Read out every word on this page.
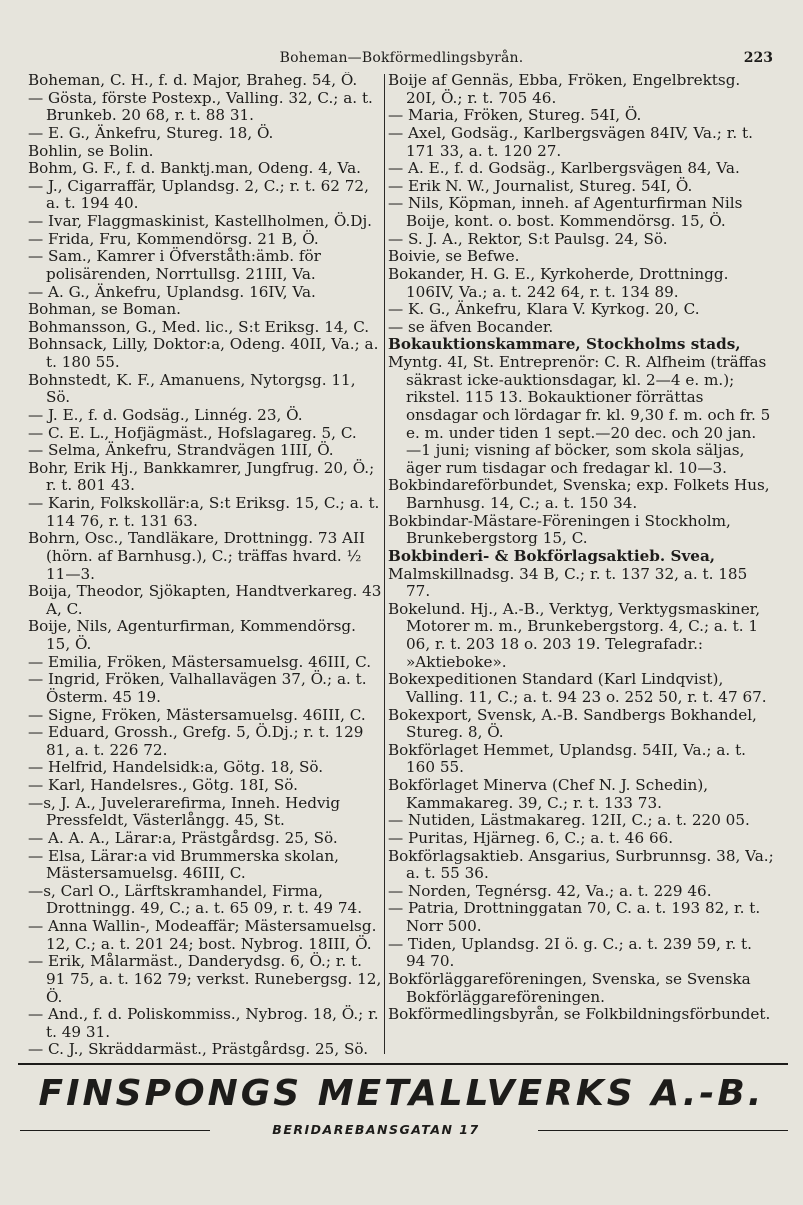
Boheman—Bokförmedlingsbyrån.	223

Boheman, C. H., f. d. Major, Braheg. 54, Ö.

— Gösta, förste Postexp., Valling. 32, C.; a. t. Brunkeb. 20 68, r. t. 88 31.

— E. G., Änkefru, Stureg. 18, Ö.

Bohlin, se Bolin.

Bohm, G. F., f. d. Banktj.man, Odeng. 4, Va.

— J., Cigarraffär, Uplandsg. 2, C.; r. t. 62 72, a. t. 194 40.

— Ivar, Flaggmaskinist, Kastellholmen, Ö.Dj.

— Frida, Fru, Kommendörsg. 21 B, Ö.

— Sam., Kamrer i Öfverståth:ämb. för polisärenden, Norrtullsg. 21III, Va.

— A. G., Änkefru, Uplandsg. 16IV, Va.

Bohman, se Boman.

Bohmansson, G., Med. lic., S:t Eriksg. 14, C.

Bohnsack, Lilly, Doktor:a, Odeng. 40II, Va.; a. t. 180 55.

Bohnstedt, K. F., Amanuens, Nytorgsg. 11, Sö.

— J. E., f. d. Godsäg., Linnég. 23, Ö.

— C. E. L., Hofjägmäst., Hofslagareg. 5, C.

— Selma, Änkefru, Strandvägen 1III, Ö.

Bohr, Erik Hj., Bankkamrer, Jungfrug. 20, Ö.; r. t. 801 43.

— Karin, Folkskollär:a, S:t Eriksg. 15, C.; a. t. 114 76, r. t. 131 63.

Bohrn, Osc., Tandläkare, Drottningg. 73 AII (hörn. af Barnhusg.), C.; träffas hvard. ½ 11—3.

Boija, Theodor, Sjökapten, Handtverkareg. 43 A, C.

Boije, Nils, Agenturfirman, Kommendörsg. 15, Ö.

— Emilia, Fröken, Mästersamuelsg. 46III, C.

— Ingrid, Fröken, Valhallavägen 37, Ö.; a. t. Österm. 45 19.

— Signe, Fröken, Mästersamuelsg. 46III, C.

— Eduard, Grossh., Grefg. 5, Ö.Dj.; r. t. 129 81, a. t. 226 72.

— Helfrid, Handelsidk:a, Götg. 18, Sö.

— Karl, Handelsres., Götg. 18I, Sö.

—s, J. A., Juvelerarefirma, Inneh. Hedvig Pressfeldt, Västerlångg. 45, St.

— A. A. A., Lärar:a, Prästgårdsg. 25, Sö.

— Elsa, Lärar:a vid Brummerska skolan, Mästersamuelsg. 46III, C.

—s, Carl O., Lärftskramhandel, Firma, Drottningg. 49, C.; a. t. 65 09, r. t. 49 74.

— Anna Wallin-, Modeaffär; Mästersamuelsg. 12, C.; a. t. 201 24; bost. Nybrog. 18III, Ö.

— Erik, Målarmäst., Danderydsg. 6, Ö.; r. t. 91 75, a. t. 162 79; verkst. Runebergsg. 12, Ö.

— And., f. d. Poliskommiss., Nybrog. 18, Ö.; r. t. 49 31.

— C. J., Skräddarmäst., Prästgårdsg. 25, Sö.

Boije af Gennäs, Ebba, Fröken, Engelbrektsg. 20I, Ö.; r. t. 705 46.

— Maria, Fröken, Stureg. 54I, Ö.

— Axel, Godsäg., Karlbergsvägen 84IV, Va.; r. t. 171 33, a. t. 120 27.

— A. E., f. d. Godsäg., Karlbergsvägen 84, Va.

— Erik N. W., Journalist, Stureg. 54I, Ö.

— Nils, Köpman, inneh. af Agenturfirman Nils Boije, kont. o. bost. Kommendörsg. 15, Ö.

— S. J. A., Rektor, S:t Paulsg. 24, Sö.

Boivie, se Befwe.

Bokander, H. G. E., Kyrkoherde, Drottningg. 106IV, Va.; a. t. 242 64, r. t. 134 89.

— K. G., Änkefru, Klara V. Kyrkog. 20, C.

— se äfven Bocander.

Bokauktionskammare, Stockholms stads,

Myntg. 4I, St. Entreprenör: C. R. Alfheim (träffas säkrast icke-auktionsdagar, kl. 2—4 e. m.); rikstel. 115 13. Bokauktioner förrättas onsdagar och lördagar fr. kl. 9,30 f. m. och fr. 5 e. m. under tiden 1 sept.—20 dec. och 20 jan. —1 juni; visning af böcker, som skola säljas, äger rum tisdagar och fredagar kl. 10—3.

Bokbindareförbundet, Svenska; exp. Folkets Hus, Barnhusg. 14, C.; a. t. 150 34.

Bokbindar-Mästare-Föreningen i Stockholm, Brunkebergstorg 15, C.

Bokbinderi- & Bokförlagsaktieb. Svea,

Malmskillnadsg. 34 B, C.; r. t. 137 32, a. t. 185 77.

Bokelund. Hj., A.-B., Verktyg, Verktygsmaskiner, Motorer m. m., Brunkebergstorg. 4, C.; a. t. 1 06, r. t. 203 18 o. 203 19. Telegrafadr.: »Aktieboke».

Bokexpeditionen Standard (Karl Lindqvist), Valling. 11, C.; a. t. 94 23 o. 252 50, r. t. 47 67.

Bokexport, Svensk, A.-B. Sandbergs Bokhandel, Stureg. 8, Ö.

Bokförlaget Hemmet, Uplandsg. 54II, Va.; a. t. 160 55.

Bokförlaget Minerva (Chef N. J. Schedin), Kammakareg. 39, C.; r. t. 133 73.

— Nutiden, Lästmakareg. 12II, C.; a. t. 220 05.

— Puritas, Hjärneg. 6, C.; a. t. 46 66.

Bokförlagsaktieb. Ansgarius, Surbrunnsg. 38, Va.; a. t. 55 36.

— Norden, Tegnérsg. 42, Va.; a. t. 229 46.

— Patria, Drottninggatan 70, C. a. t. 193 82, r. t. Norr 500.

— Tiden, Uplandsg. 2I ö. g. C.; a. t. 239 59, r. t. 94 70.

Bokförläggareföreningen, Svenska, se Svenska Bokförläggareföreningen.

Bokförmedlingsbyrån, se Folkbildningsförbundet.

FINSPONGS METALLVERKS A.-B.
BERIDAREBANSGATAN 17
